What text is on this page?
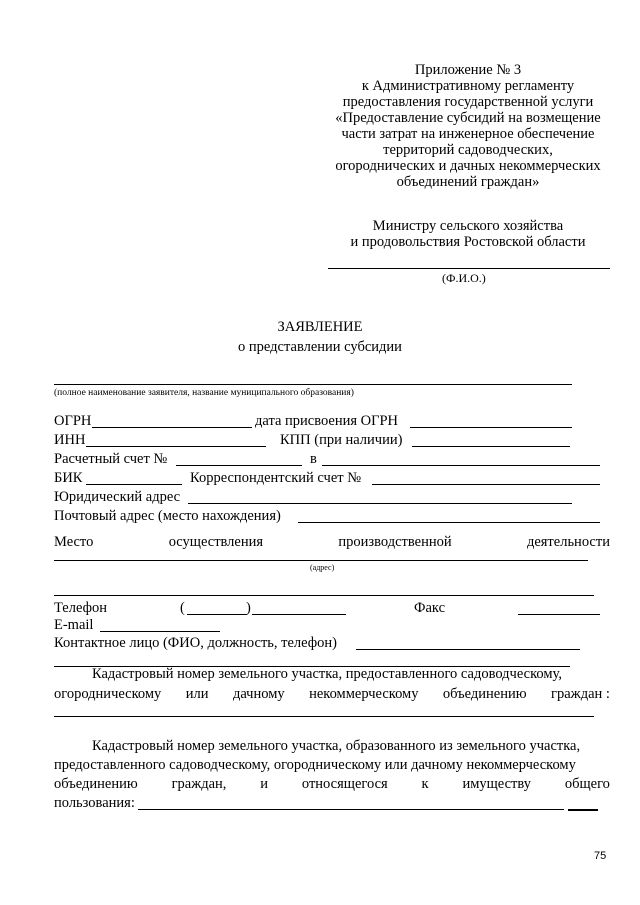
Приложение № 3
к Административному регламенту
предоставления государственной услуги
«Предоставление субсидий на возмещение
части затрат на инженерное обеспечение
территорий садоводческих,
огороднических и дачных некоммерческих
объединений граждан»
Министру сельского хозяйства
и продовольствия Ростовской области
(Ф.И.О.)
ЗАЯВЛЕНИЕ
о представлении субсидии
(полное наименование заявителя, название муниципального образования)
ОГРН	дата присвоения ОГРН
ИНН	КПП (при наличии)
Расчетный счет №	в
БИК	Корреспондентский счет №
Юридический адрес
Почтовый адрес (место нахождения)
Место	осуществления	производственной	деятельности
(адрес)
Телефон	(	)	Факс
E-mail
Контактное лицо (ФИО, должность, телефон)
Кадастровый номер земельного участка, предоставленного садоводческому,
огородническому или дачному некоммерческому объединению граждан :
Кадастровый номер земельного участка, образованного из земельного участка,
предоставленного садоводческому, огородническому или дачному некоммерческому
объединению граждан, и относящегося к имуществу общего
пользования:
75
